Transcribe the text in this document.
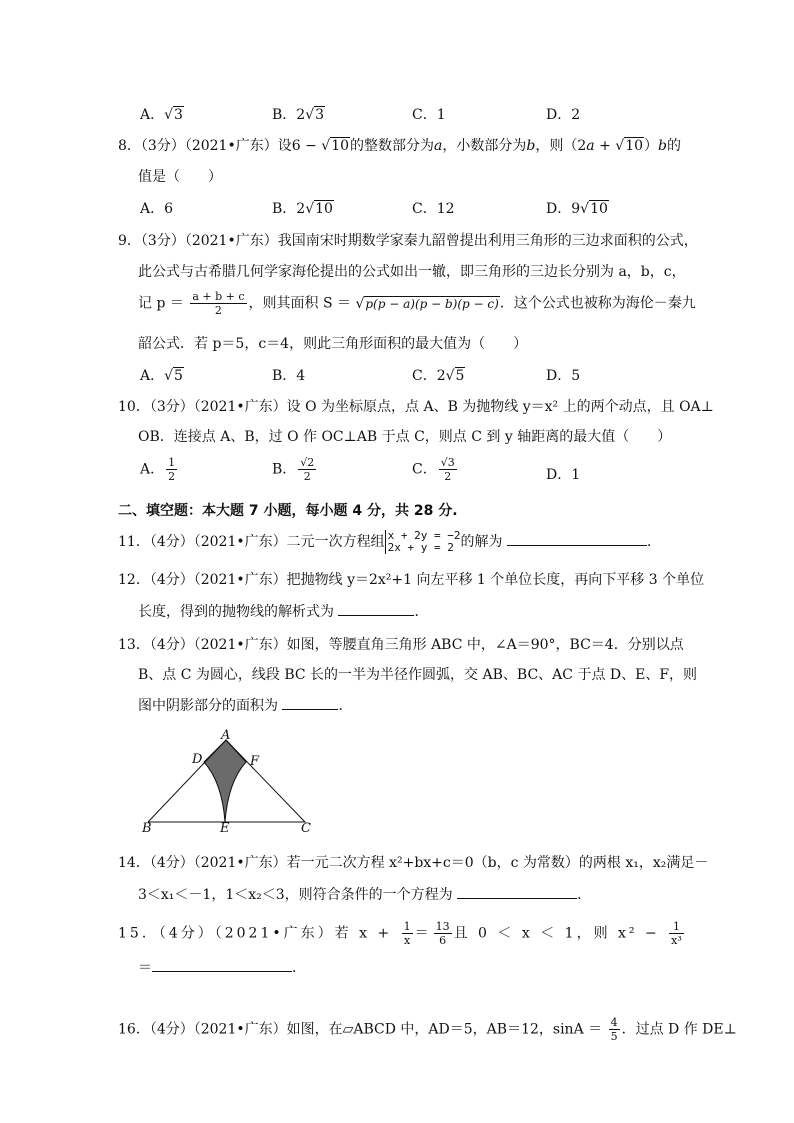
A．√3	B．2√3	C．1	D．2
8．（3分）（2021•广东）设6 − √10的整数部分为a，小数部分为b，则（2a + √10）b的
值是（　　）
A．6	B．2√10	C．12	D．9√10
9．（3分）（2021•广东）我国南宋时期数学家秦九韶曾提出利用三角形的三边求面积的公式，
此公式与古希腊几何学家海伦提出的公式如出一辙，即三角形的三边长分别为 a，b，c，
记 $p = \frac{a + b + c}{2}$ ，则其面积 S ＝ √p(p − a)(p − b)(p − c)．这个公式也被称为海伦－秦九
韶公式．若 p＝5，c＝4，则此三角形面积的最大值为（　　）
A．√5	B．4	C．2√5	D．5
10．（3分）（2021•广东）设 O 为坐标原点，点 A、B 为抛物线 y＝x² 上的两个动点，且 OA⊥
OB．连接点 A、B，过 O 作 OC⊥AB 于点 C，则点 C 到 y 轴距离的最大值（　　）
A． $\frac{1}{2}$	B． $\frac{√2}{2}$	C． $\frac{√3}{2}$	D．1
二、填空题：本大题 7 小题，每小题 4 分，共 28 分.
11．（4分）（2021•广东）二元一次方程组 x + 2y = −2
2x + y = 2 的解为	．
12．（4分）（2021•广东）把抛物线 y＝2x²+1 向左平移 1 个单位长度，再向下平移 3 个单位
长度，得到的抛物线的解析式为	．
13．（4分）（2021•广东）如图，等腰直角三角形 ABC 中，∠A＝90°，BC＝4．分别以点
B、点 C 为圆心，线段 BC 长的一半为半径作圆弧，交 AB、BC、AC 于点 D、E、F，则
图中阴影部分的面积为	．
A
D	F
B	E	C
14．（4分）（2021•广东）若一元二次方程 x²+bx+c＝0（b，c 为常数）的两根 x₁，x₂满足－
3＜x₁＜－1，1＜x₂＜3，则符合条件的一个方程为	．
15．（4分）（2021•广东）若 $x + \frac{1}{x} = \frac{13}{6}$ 且 0 ＜ x ＜ 1，则 $x^2 - \frac{1}{\text{x³}}$
＝	．
16．（4分）（2021•广东）如图，在▱ABCD 中，AD＝5，AB＝12，$\sin A = \frac{4}{5}$ ．过点 D 作 DE⊥
